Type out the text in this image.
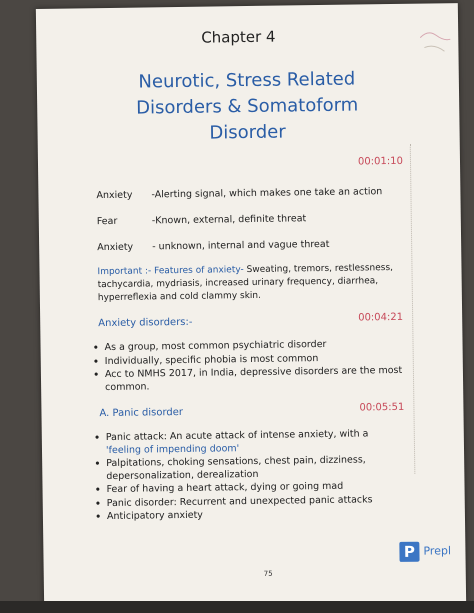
Chapter 4
Neurotic, Stress Related
Disorders & Somatoform
Disorder
00:01:10
Anxiety -Alerting signal, which makes one take an action
Fear	-Known, external, definite threat
Anxiety - unknown, internal and vague threat
Important :- Features of anxiety- Sweating, tremors, restlessness, tachycardia, mydriasis, increased urinary frequency, diarrhea, hyperreflexia and cold clammy skin.
Anxiety disorders:-	00:04:21
• As a group, most common psychiatric disorder
• Individually, specific phobia is most common
• Acc to NMHS 2017, in India, depressive disorders are the most common.
A. Panic disorder	00:05:51
• Panic attack: An acute attack of intense anxiety, with a
'feeling of impending doom'
• Palpitations, choking sensations, chest pain, dizziness, depersonalization, derealization
• Fear of having a heart attack, dying or going mad
• Panic disorder: Recurrent and unexpected panic attacks
• Anticipatory anxiety
P Prepl
75
